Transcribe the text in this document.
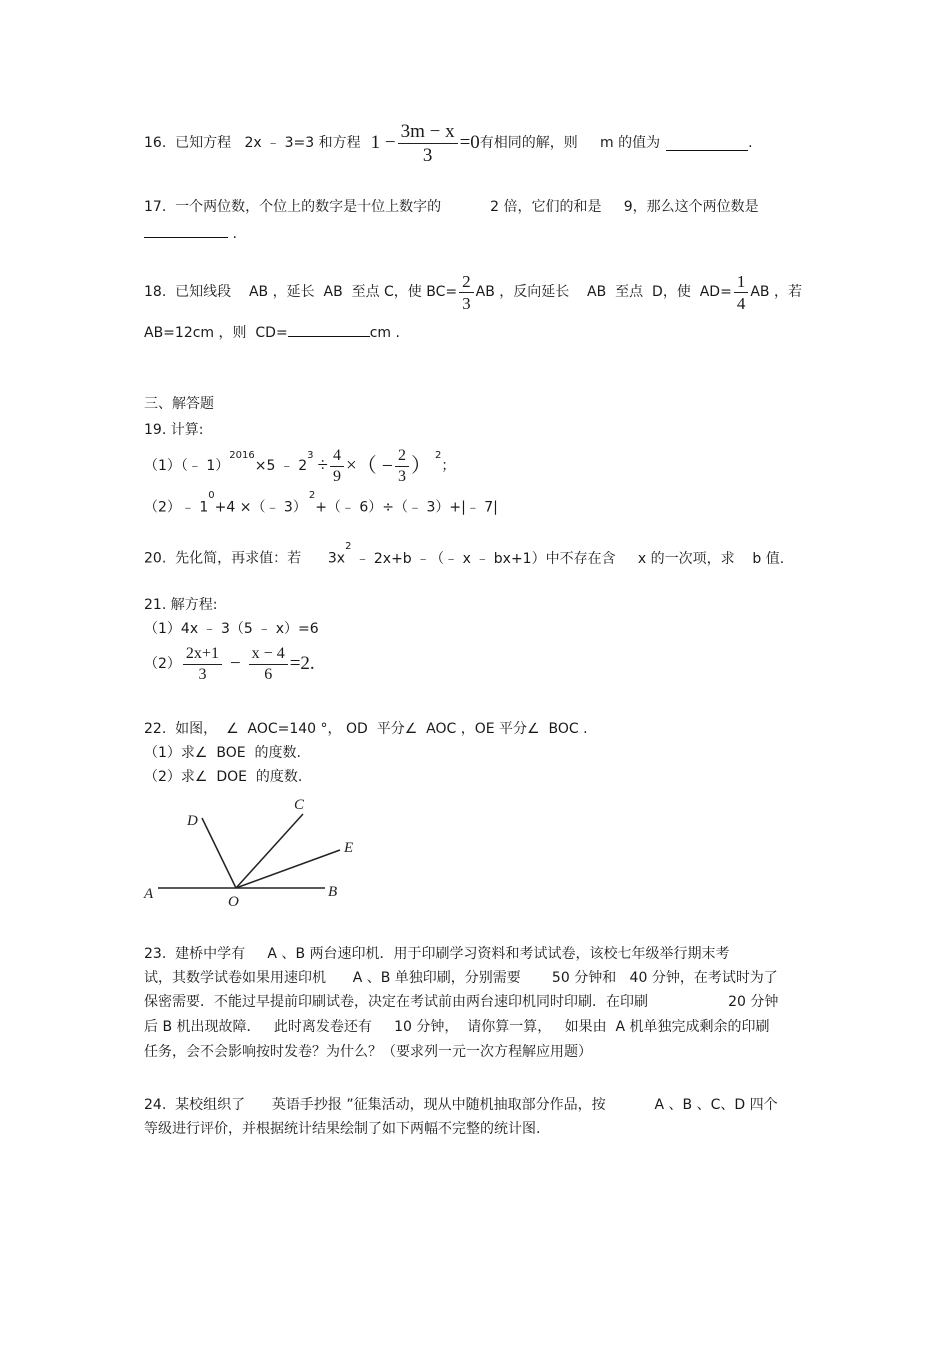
16.  已知方程   2x ﹣ 3=3 和方程 $1 - \frac{3m - x}{3} =0$ 有相同的解，则     m 的值为	.
17.  一个两位数，个位上的数字是十位上数字的           2 倍，它们的和是     9，那么这个两位数是
.
18.  已知线段    AB ，延长  AB  至点 C，使 $BC= \frac{2}{3}$ AB ，反向延长    AB  至点  D，使  $AD= \frac{1}{4}$ AB ，若
AB=12cm ，则  CD=	cm .
三、解答题
19. 计算:
（1）（﹣ 1）
$^{2016}$
×5 ﹣ 2
$^3 \div \frac{4}{9}$ × （ − $\frac{2}{3}$ ） $^2$
；
（2）﹣ $1^0+4$ ×（﹣ 3）$^2$+（﹣ 6）÷（﹣ 3）+|﹣ 7|
20.  先化简，再求值：若      $3x^2﹣$ 2x+b ﹣（﹣ x ﹣ bx+1）中不存在含     x 的一次项，求    b 值.
21. 解方程:
（1）4x ﹣ 3（5 ﹣ x）=6
$(2) \frac{2x+1}{3} - \frac{x - 4}{6} =2$.
22.  如图，  ∠  AOC=140 °， OD  平分∠  AOC ，OE 平分∠  BOC .
（1）求∠  BOE  的度数.
（2）求∠  DOE  的度数.
A	B
C
D
E
O
23.  建桥中学有     A 、B 两台速印机．用于印刷学习资料和考试试卷，该校七年级举行期末考
试，其数学试卷如果用速印机      A 、B 单独印刷，分别需要       50 分钟和   40 分钟，在考试时为了
保密需要．不能过早提前印刷试卷，决定在考试前由两台速印机同时印刷．在印刷                  20 分钟
后 B 机出现故障．   此时离发卷还有     10 分钟，  请你算一算，   如果由  A 机单独完成剩余的印刷
任务，会不会影响按时发卷？为什么？（要求列一元一次方程解应用题）
24.  某校组织了      英语手抄报 ”征集活动，现从中随机抽取部分作品，按           A 、B 、C、D 四个
等级进行评价，并根据统计结果绘制了如下两幅不完整的统计图.
